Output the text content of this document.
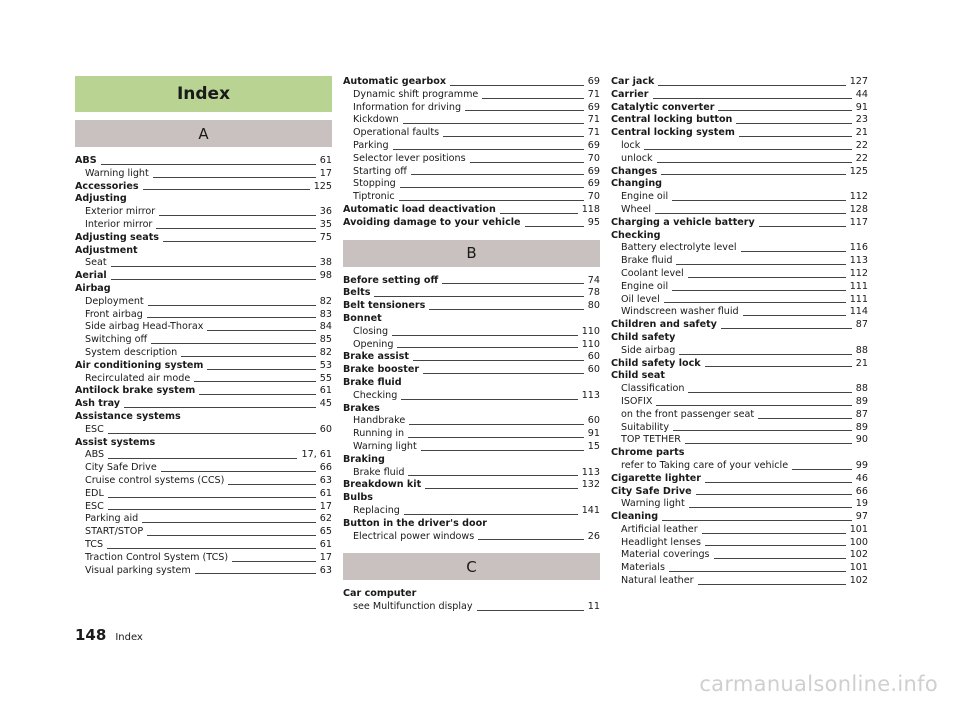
Index
A
ABS	61
Warning light	17
Accessories	125
Adjusting
Exterior mirror	36
Interior mirror	35
Adjusting seats	75
Adjustment
Seat	38
Aerial	98
Airbag
Deployment	82
Front airbag	83
Side airbag Head-Thorax	84
Switching off	85
System description	82
Air conditioning system	53
Recirculated air mode	55
Antilock brake system	61
Ash tray	45
Assistance systems
ESC	60
Assist systems
ABS	17, 61
City Safe Drive	66
Cruise control systems (CCS)	63
EDL	61
ESC	17
Parking aid	62
START/STOP	65
TCS	61
Traction Control System (TCS)	17
Visual parking system	63
Automatic gearbox	69
Dynamic shift programme	71
Information for driving	69
Kickdown	71
Operational faults	71
Parking	69
Selector lever positions	70
Starting off	69
Stopping	69
Tiptronic	70
Automatic load deactivation	118
Avoiding damage to your vehicle	95
B
Before setting off	74
Belts	78
Belt tensioners	80
Bonnet
Closing	110
Opening	110
Brake assist	60
Brake booster	60
Brake fluid
Checking	113
Brakes
Handbrake	60
Running in	91
Warning light	15
Braking
Brake fluid	113
Breakdown kit	132
Bulbs
Replacing	141
Button in the driver's door
Electrical power windows	26
C
Car computer
see Multifunction display	11
Car jack	127
Carrier	44
Catalytic converter	91
Central locking button	23
Central locking system	21
lock	22
unlock	22
Changes	125
Changing
Engine oil	112
Wheel	128
Charging a vehicle battery	117
Checking
Battery electrolyte level	116
Brake fluid	113
Coolant level	112
Engine oil	111
Oil level	111
Windscreen washer fluid	114
Children and safety	87
Child safety
Side airbag	88
Child safety lock	21
Child seat
Classification	88
ISOFIX	89
on the front passenger seat	87
Suitability	89
TOP TETHER	90
Chrome parts
refer to Taking care of your vehicle	99
Cigarette lighter	46
City Safe Drive	66
Warning light	19
Cleaning	97
Artificial leather	101
Headlight lenses	100
Material coverings	102
Materials	101
Natural leather	102
148 Index
carmanualsonline.info
